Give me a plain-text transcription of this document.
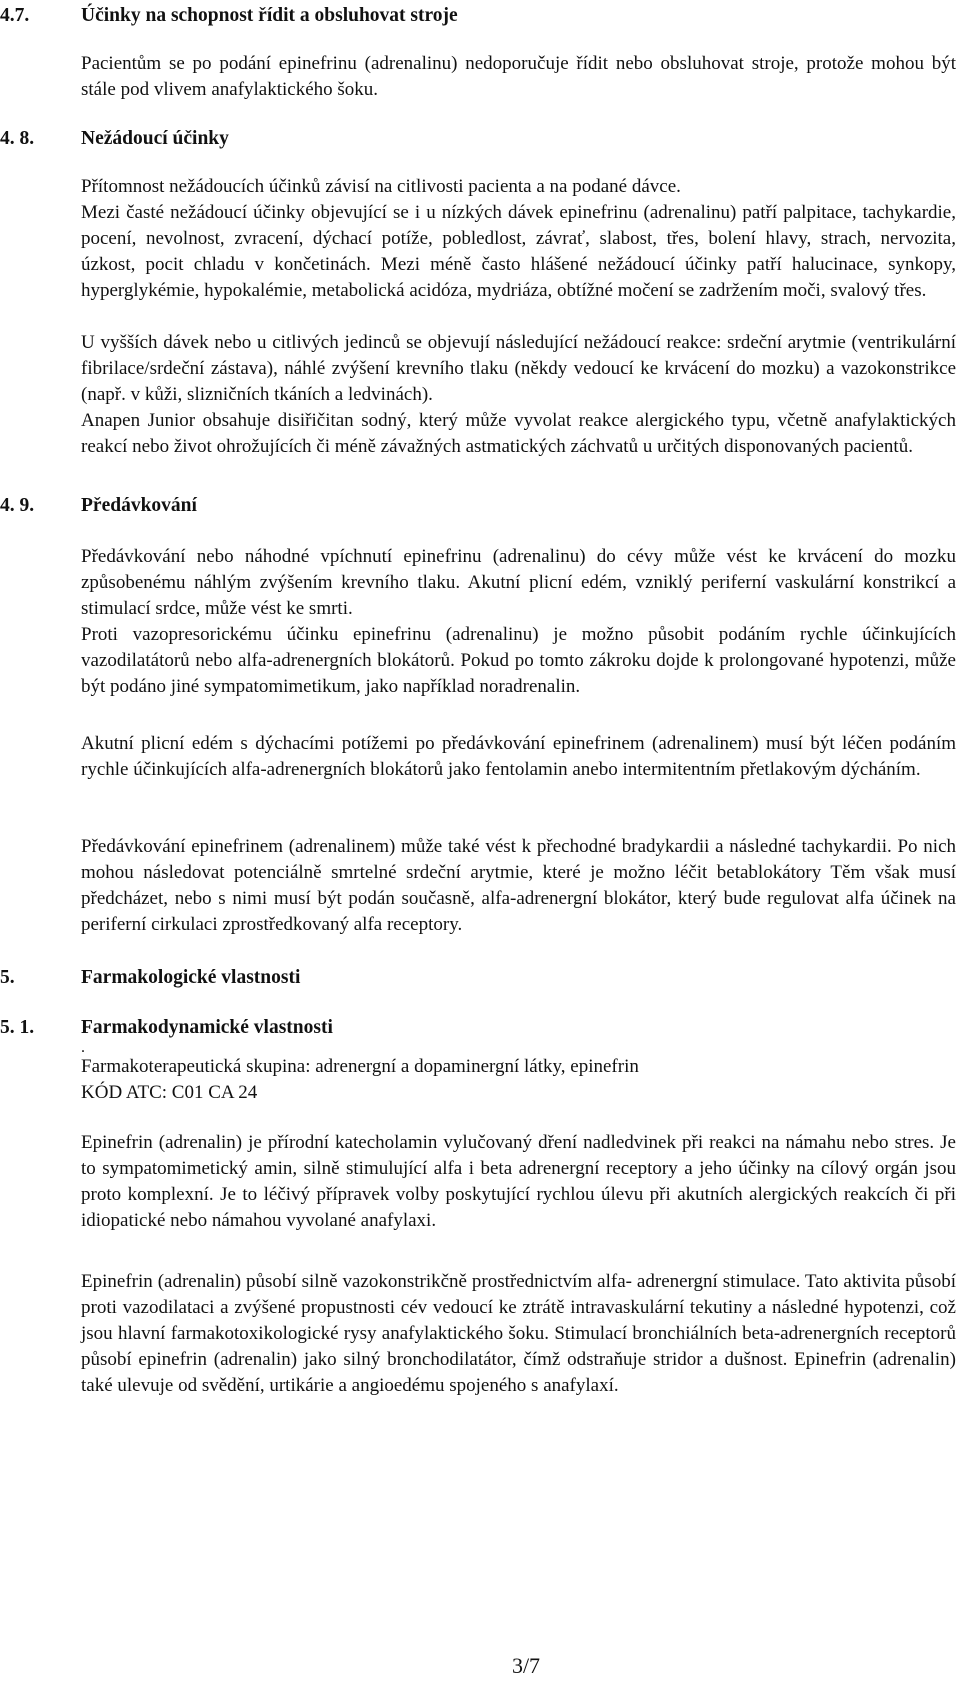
4.7.	Účinky na schopnost řídit a obsluhovat stroje

Pacientům se po podání epinefrinu (adrenalinu) nedoporučuje řídit nebo obsluhovat stroje, protože mohou být stále pod vlivem anafylaktického šoku.

4. 8. Nežádoucí účinky

Přítomnost nežádoucích účinků závisí na citlivosti pacienta a na podané dávce.

Mezi časté nežádoucí účinky objevující se i u nízkých dávek epinefrinu (adrenalinu) patří palpitace, tachykardie, pocení, nevolnost, zvracení, dýchací potíže, pobledlost, závrať, slabost, třes, bolení hlavy, strach, nervozita, úzkost, pocit chladu v končetinách. Mezi méně často hlášené nežádoucí účinky patří halucinace, synkopy, hyperglykémie, hypokalémie, metabolická acidóza, mydriáza, obtížné močení se zadržením moči, svalový třes.

U vyšších dávek nebo u citlivých jedinců se objevují následující nežádoucí reakce: srdeční arytmie (ventrikulární fibrilace/srdeční zástava), náhlé zvýšení krevního tlaku (někdy vedoucí ke krvácení do mozku) a vazokonstrikce (např. v kůži, slizničních tkáních a ledvinách).

Anapen Junior obsahuje disiřičitan sodný, který může vyvolat reakce alergického typu, včetně anafylaktických reakcí nebo život ohrožujících či méně závažných astmatických záchvatů u určitých disponovaných pacientů.

4. 9. Předávkování

Předávkování nebo náhodné vpíchnutí epinefrinu (adrenalinu) do cévy může vést ke krvácení do mozku způsobenému náhlým zvýšením krevního tlaku. Akutní plicní edém, vzniklý periferní vaskulární konstrikcí a stimulací srdce, může vést ke smrti.

Proti vazopresorickému účinku epinefrinu (adrenalinu) je možno působit podáním rychle účinkujících vazodilatátorů nebo alfa-adrenergních blokátorů. Pokud po tomto zákroku dojde k prolongované hypotenzi, může být podáno jiné sympatomimetikum, jako například noradrenalin.

Akutní plicní edém s dýchacími potížemi po předávkování epinefrinem (adrenalinem) musí být léčen podáním rychle účinkujících alfa-adrenergních blokátorů jako fentolamin anebo intermitentním přetlakovým dýcháním.

Předávkování epinefrinem (adrenalinem) může také vést k přechodné bradykardii a následné tachykardii. Po nich mohou následovat potenciálně smrtelné srdeční arytmie, které je možno léčit betablokátory Těm však musí předcházet, nebo s nimi musí být podán současně, alfa-adrenergní blokátor, který bude regulovat alfa účinek na periferní cirkulaci zprostředkovaný alfa receptory.

5.	Farmakologické vlastnosti
5. 1. Farmakodynamické vlastnosti
.
Farmakoterapeutická skupina: adrenergní a dopaminergní látky, epinefrin
KÓD ATC: C01 CA 24

Epinefrin (adrenalin) je přírodní katecholamin vylučovaný dření nadledvinek při reakci na námahu nebo stres. Je to sympatomimetický amin, silně stimulující alfa i beta adrenergní receptory a jeho účinky na cílový orgán jsou proto komplexní. Je to léčivý přípravek volby poskytující rychlou úlevu při akutních alergických reakcích či při idiopatické nebo námahou vyvolané anafylaxi.

Epinefrin (adrenalin) působí silně vazokonstrikčně prostřednictvím alfa- adrenergní stimulace. Tato aktivita působí proti vazodilataci a zvýšené propustnosti cév vedoucí ke ztrátě intravaskulární tekutiny a následné hypotenzi, což jsou hlavní farmakotoxikologické rysy anafylaktického šoku. Stimulací bronchiálních beta-adrenergních receptorů působí epinefrin (adrenalin) jako silný bronchodilatátor, čímž odstraňuje stridor a dušnost. Epinefrin (adrenalin) také ulevuje od svědění, urtikárie a angioedému spojeného s anafylaxí.

3/7
